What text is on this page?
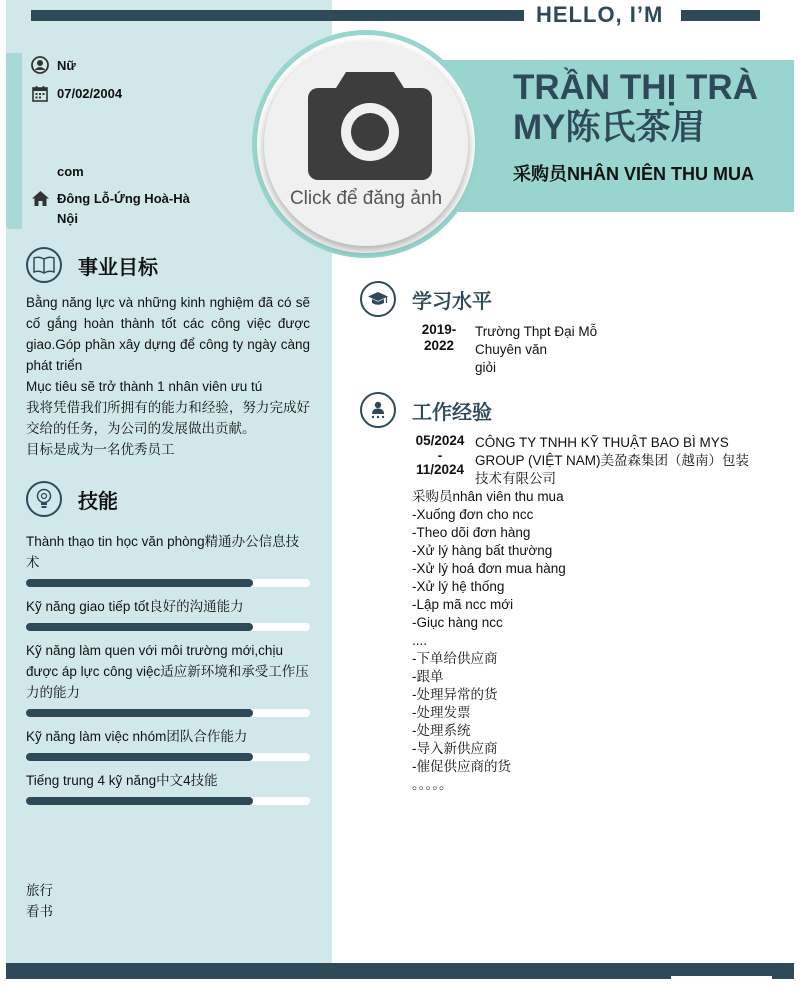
HELLO, I’M
TRẦN THỊ TRÀ MY陈氏茶眉
采购员NHÂN VIÊN THU MUA
Click để đăng ảnh
Nữ
07/02/2004
com
Đông Lỗ-Ứng Hoà-Hà Nội
事业目标

Bằng năng lực và những kinh nghiệm đã có sẽ cố gắng hoàn thành tốt các công việc được giao.Góp phần xây dựng để công ty ngày càng phát triển

Mục tiêu sẽ trở thành 1 nhân viên ưu tú

我将凭借我们所拥有的能力和经验，努力完成好交给的任务，为公司的发展做出贡献。

目标是成为一名优秀员工

技能
Thành thạo tin học văn phòng精通办公信息技术
Kỹ năng giao tiếp tốt良好的沟通能力
Kỹ năng làm quen với môi trường mới,chịu được áp lực công việc适应新环境和承受工作压力的能力
Kỹ năng làm việc nhóm团队合作能力
Tiếng trung 4 kỹ năng中文4技能
旅行
看书
学习水平
2019-
2022
Trường Thpt Đại Mỗ
Chuyên văn
giỏi
工作经验
05/2024
-
11/2024
CÔNG TY TNHH KỸ THUẬT BAO BÌ MYS GROUP (VIỆT NAM)美盈森集团（越南）包装技术有限公司
采购员nhân viên thu mua
-Xuống đơn cho ncc
-Theo dõi đơn hàng
-Xử lý hàng bất thường
-Xử lý hoá đơn mua hàng
-Xử lý hệ thống
-Lập mã ncc mới
-Giục hàng ncc
....
-下单给供应商
-跟单
-处理异常的货
-处理发票
-处理系统
-导入新供应商
-催促供应商的货
。。。。。
